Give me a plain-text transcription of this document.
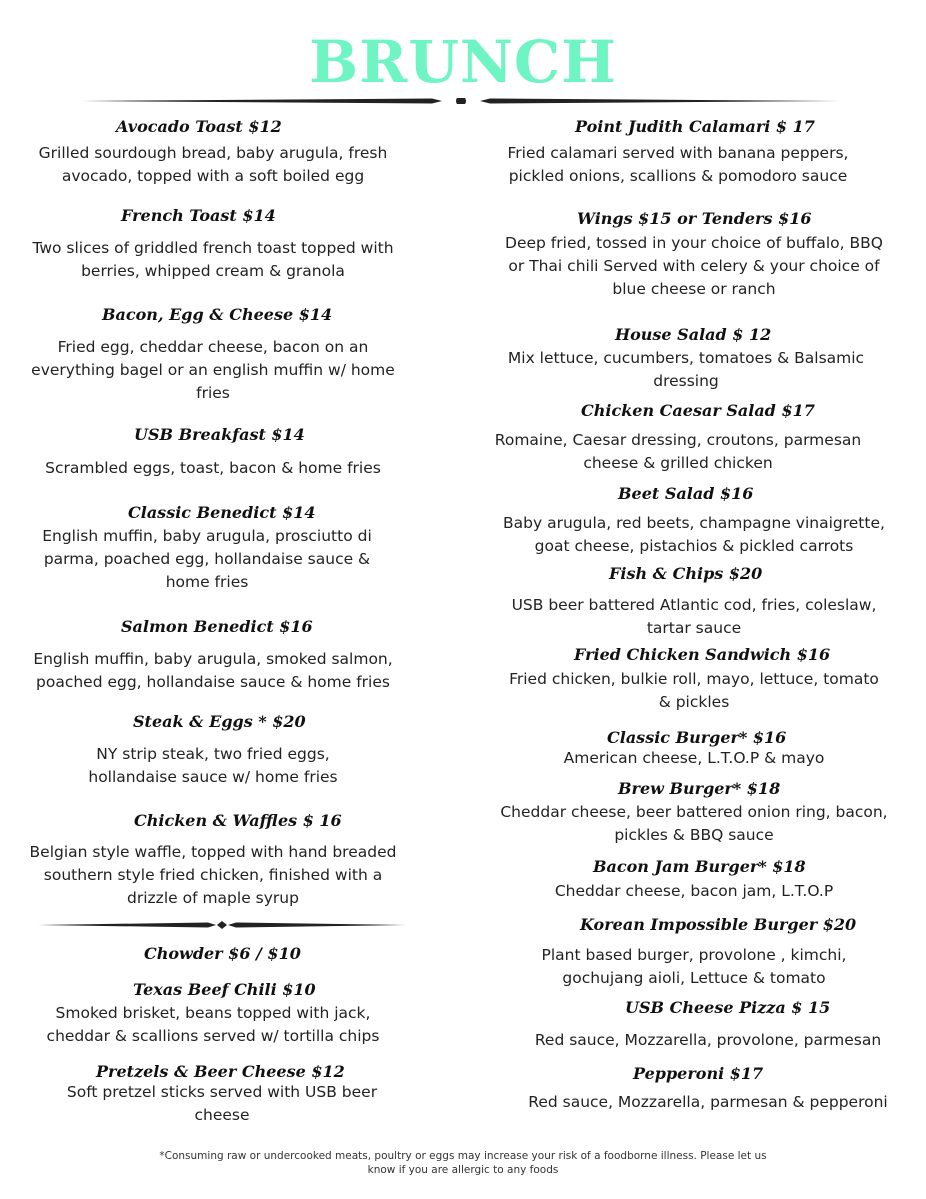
BRUNCH
Avocado Toast $12
Grilled sourdough bread, baby arugula, fresh avocado, topped with a soft boiled egg
French Toast $14
Two slices of griddled french toast topped with berries, whipped cream & granola
Bacon, Egg & Cheese $14
Fried egg, cheddar cheese, bacon on an everything bagel or an english muffin w/ home fries
USB Breakfast $14
Scrambled eggs, toast, bacon & home fries
Classic Benedict $14
English muffin, baby arugula, prosciutto di parma, poached egg, hollandaise sauce & home fries
Salmon Benedict $16
English muffin, baby arugula, smoked salmon, poached egg, hollandaise sauce & home fries
Steak & Eggs * $20
NY strip steak, two fried eggs, hollandaise sauce w/ home fries
Chicken & Waffles $ 16
Belgian style waffle, topped with hand breaded southern style fried chicken, finished with a drizzle of maple syrup
Chowder $6 / $10
Texas Beef Chili $10
Smoked brisket, beans topped with jack, cheddar & scallions served w/ tortilla chips
Pretzels & Beer Cheese $12
Soft pretzel sticks served with USB beer cheese
Point Judith Calamari $ 17
Fried calamari served with banana peppers, pickled onions, scallions & pomodoro sauce
Wings $15 or Tenders $16
Deep fried, tossed in your choice of buffalo, BBQ or Thai chili Served with celery & your choice of blue cheese or ranch
House Salad $ 12
Mix lettuce, cucumbers, tomatoes & Balsamic dressing
Chicken Caesar Salad $17
Romaine, Caesar dressing, croutons, parmesan cheese & grilled chicken
Beet Salad $16
Baby arugula, red beets, champagne vinaigrette, goat cheese, pistachios & pickled carrots
Fish & Chips $20
USB beer battered Atlantic cod, fries, coleslaw, tartar sauce
Fried Chicken Sandwich $16
Fried chicken, bulkie roll, mayo, lettuce, tomato & pickles
Classic Burger* $16
American cheese, L.T.O.P & mayo
Brew Burger* $18
Cheddar cheese, beer battered onion ring, bacon, pickles & BBQ sauce
Bacon Jam Burger* $18
Cheddar cheese, bacon jam, L.T.O.P
Korean Impossible Burger $20
Plant based burger, provolone , kimchi, gochujang aioli, Lettuce & tomato
USB Cheese Pizza $ 15
Red sauce, Mozzarella, provolone, parmesan
Pepperoni $17
Red sauce, Mozzarella, parmesan & pepperoni
*Consuming raw or undercooked meats, poultry or eggs may increase your risk of a foodborne illness. Please let us know if you are allergic to any foods
